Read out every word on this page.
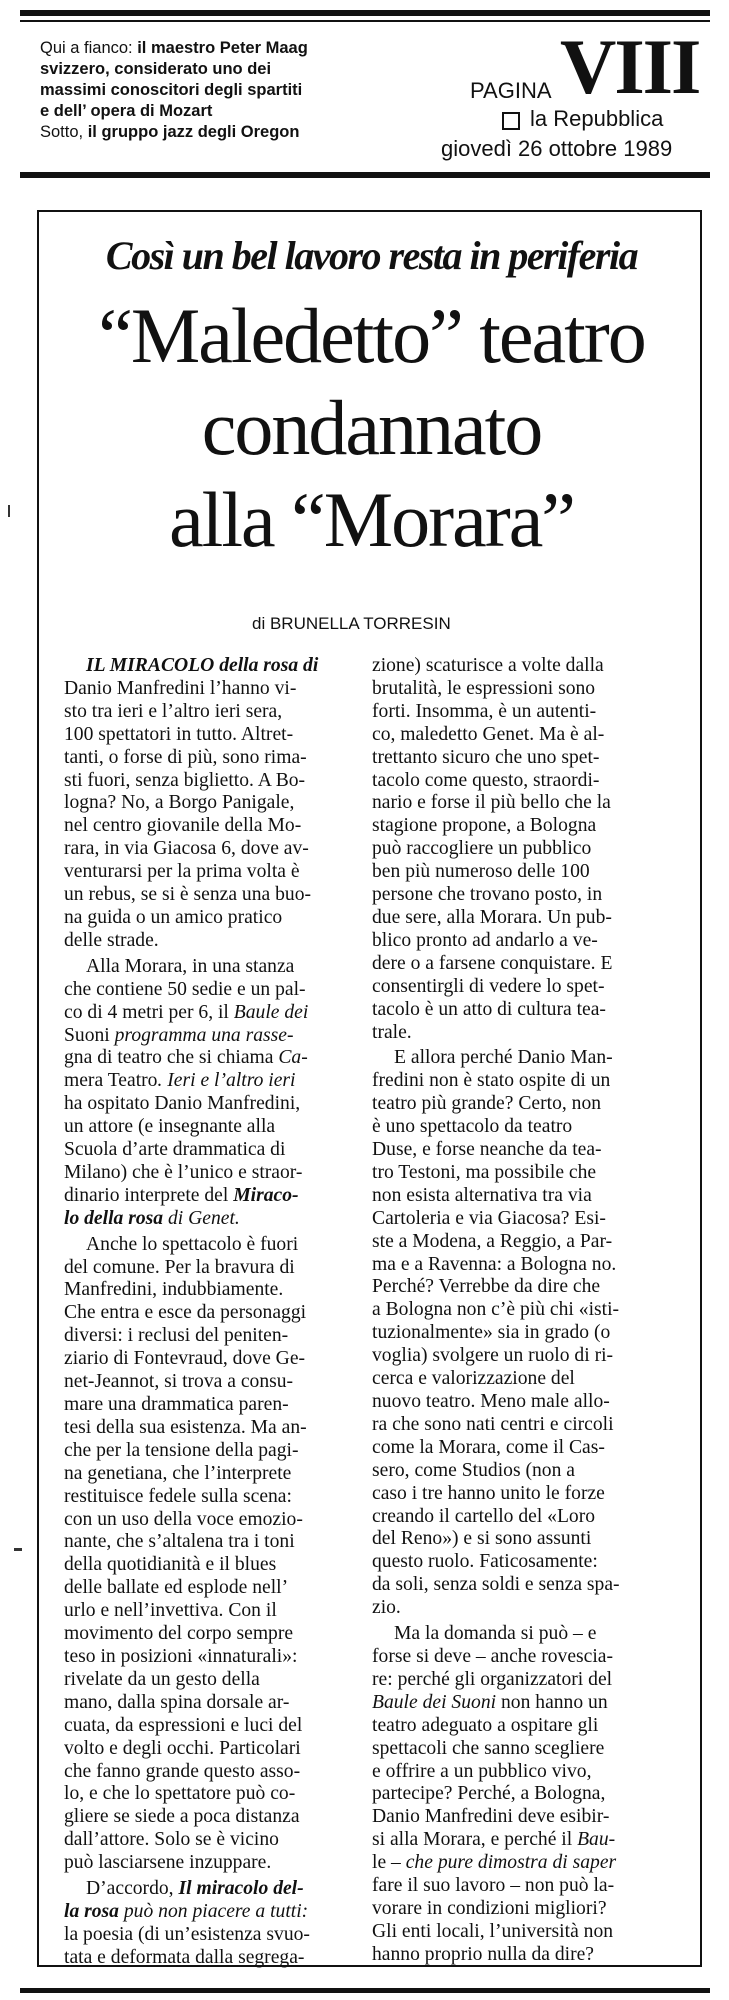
Qui a fianco: il maestro Peter Maag
svizzero, considerato uno dei
massimi conoscitori degli spartiti
e dell’ opera di Mozart
Sotto, il gruppo jazz degli Oregon
PAGINA VIII
la Repubblica
giovedì 26 ottobre 1989
Così un bel lavoro resta in periferia
“Maledetto” teatro
condannato
alla “Morara”
di BRUNELLA TORRESIN
IL MIRACOLO della rosa di
Danio Manfredini l’hanno vi-
sto tra ieri e l’altro ieri sera,
100 spettatori in tutto. Altret-
tanti, o forse di più, sono rima-
sti fuori, senza biglietto. A Bo-
logna? No, a Borgo Panigale,
nel centro giovanile della Mo-
rara, in via Giacosa 6, dove av-
venturarsi per la prima volta è
un rebus, se si è senza una buo-
na guida o un amico pratico
delle strade.
Alla Morara, in una stanza
che contiene 50 sedie e un pal-
co di 4 metri per 6, il Baule dei
Suoni programma una rasse-
gna di teatro che si chiama Ca-
mera Teatro. Ieri e l’altro ieri
ha ospitato Danio Manfredini,
un attore (e insegnante alla
Scuola d’arte drammatica di
Milano) che è l’unico e straor-
dinario interprete del Miraco-
lo della rosa di Genet.
Anche lo spettacolo è fuori
del comune. Per la bravura di
Manfredini, indubbiamente.
Che entra e esce da personaggi
diversi: i reclusi del peniten-
ziario di Fontevraud, dove Ge-
net-Jeannot, si trova a consu-
mare una drammatica paren-
tesi della sua esistenza. Ma an-
che per la tensione della pagi-
na genetiana, che l’interprete
restituisce fedele sulla scena:
con un uso della voce emozio-
nante, che s’altalena tra i toni
della quotidianità e il blues
delle ballate ed esplode nell’
urlo e nell’invettiva. Con il
movimento del corpo sempre
teso in posizioni «innaturali»:
rivelate da un gesto della
mano, dalla spina dorsale ar-
cuata, da espressioni e luci del
volto e degli occhi. Particolari
che fanno grande questo asso-
lo, e che lo spettatore può co-
gliere se siede a poca distanza
dall’attore. Solo se è vicino
può lasciarsene inzuppare.
D’accordo, Il miracolo del-
la rosa può non piacere a tutti:
la poesia (di un’esistenza svuo-
tata e deformata dalla segrega-
zione) scaturisce a volte dalla
brutalità, le espressioni sono
forti. Insomma, è un autenti-
co, maledetto Genet. Ma è al-
trettanto sicuro che uno spet-
tacolo come questo, straordi-
nario e forse il più bello che la
stagione propone, a Bologna
può raccogliere un pubblico
ben più numeroso delle 100
persone che trovano posto, in
due sere, alla Morara. Un pub-
blico pronto ad andarlo a ve-
dere o a farsene conquistare. E
consentirgli di vedere lo spet-
tacolo è un atto di cultura tea-
trale.
E allora perché Danio Man-
fredini non è stato ospite di un
teatro più grande? Certo, non
è uno spettacolo da teatro
Duse, e forse neanche da tea-
tro Testoni, ma possibile che
non esista alternativa tra via
Cartoleria e via Giacosa? Esi-
ste a Modena, a Reggio, a Par-
ma e a Ravenna: a Bologna no.
Perché? Verrebbe da dire che
a Bologna non c’è più chi «isti-
tuzionalmente» sia in grado (o
voglia) svolgere un ruolo di ri-
cerca e valorizzazione del
nuovo teatro. Meno male allo-
ra che sono nati centri e circoli
come la Morara, come il Cas-
sero, come Studios (non a
caso i tre hanno unito le forze
creando il cartello del «Loro
del Reno») e si sono assunti
questo ruolo. Faticosamente:
da soli, senza soldi e senza spa-
zio.
Ma la domanda si può – e
forse si deve – anche rovescia-
re: perché gli organizzatori del
Baule dei Suoni non hanno un
teatro adeguato a ospitare gli
spettacoli che sanno scegliere
e offrire a un pubblico vivo,
partecipe? Perché, a Bologna,
Danio Manfredini deve esibir-
si alla Morara, e perché il Bau-
le – che pure dimostra di saper
fare il suo lavoro – non può la-
vorare in condizioni migliori?
Gli enti locali, l’università non
hanno proprio nulla da dire?
